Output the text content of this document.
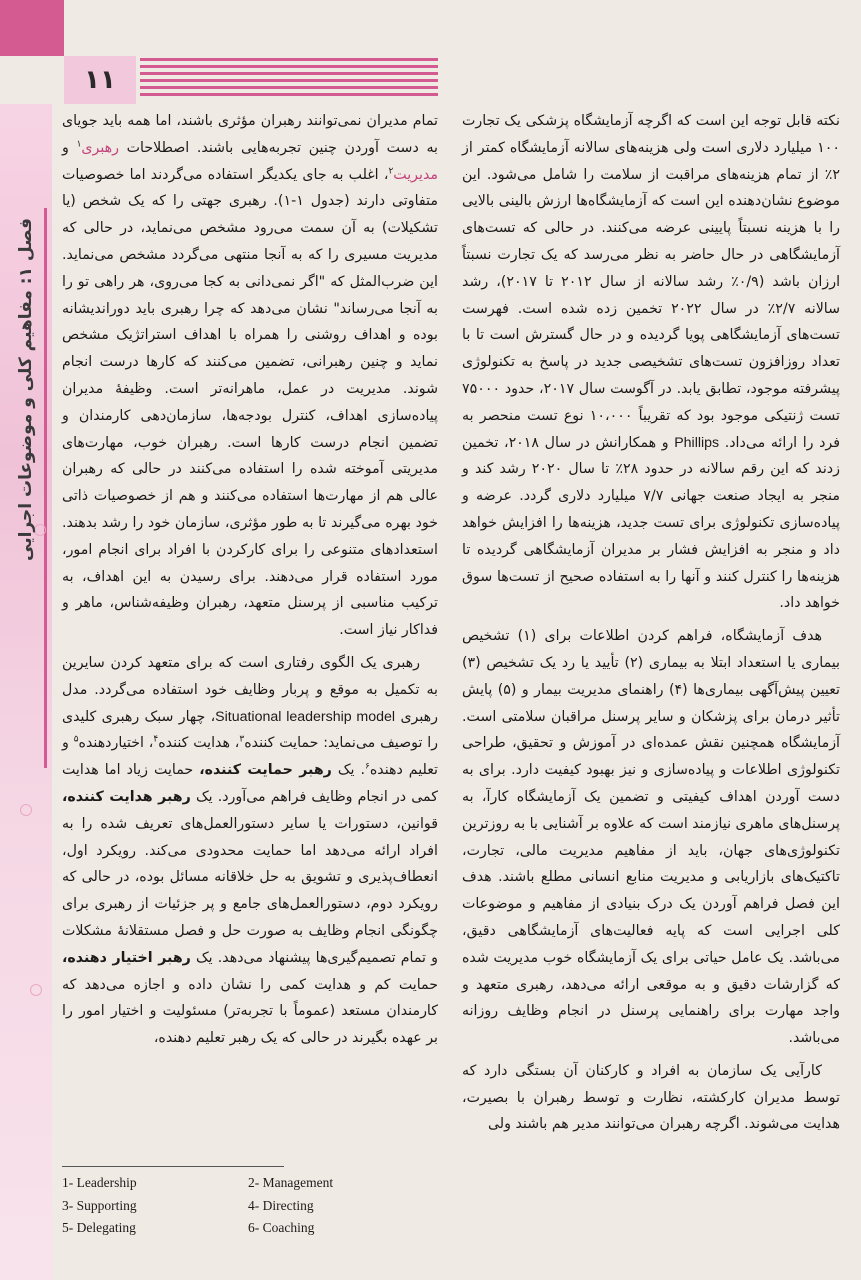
۱۱
فصل ۱: مفاهیم کلی و موضوعات اجرایی

نکته قابل توجه این است که اگرچه آزمایشگاه پزشکی یک تجارت ۱۰۰ میلیارد دلاری است ولی هزینه‌های سالانه آزمایشگاه کمتر از ۲٪ از تمام هزینه‌های مراقبت از سلامت را شامل می‌شود. این موضوع نشان‌دهنده این است که آزمایشگاه‌ها ارزش بالینی بالایی را با هزینه نسبتاً پایینی عرضه می‌کنند. در حالی که تست‌های آزمایشگاهی در حال حاضر به نظر می‌رسد که یک تجارت نسبتاً ارزان باشد (۰/۹٪ رشد سالانه از سال ۲۰۱۲ تا ۲۰۱۷)، رشد سالانه ۲/۷٪ در سال ۲۰۲۲ تخمین زده شده است. فهرست تست‌های آزمایشگاهی پویا گردیده و در حال گسترش است تا با تعداد روزافزون تست‌های تشخیصی جدید در پاسخ به تکنولوژی پیشرفته موجود، تطابق یابد. در آگوست سال ۲۰۱۷، حدود ۷۵۰۰۰ تست ژنتیکی موجود بود که تقریباً ۱۰،۰۰۰ نوع تست منحصر به فرد را ارائه می‌داد. Phillips و همکارانش در سال ۲۰۱۸، تخمین زدند که این رقم سالانه در حدود ۲۸٪ تا سال ۲۰۲۰ رشد کند و منجر به ایجاد صنعت جهانی ۷/۷ میلیارد دلاری گردد. عرضه و پیاده‌سازی تکنولوژی برای تست جدید، هزینه‌ها را افزایش خواهد داد و منجر به افزایش فشار بر مدیران آزمایشگاهی گردیده تا هزینه‌ها را کنترل کنند و آنها را به استفاده صحیح از تست‌ها سوق خواهد داد.

هدف آزمایشگاه، فراهم کردن اطلاعات برای (۱) تشخیص بیماری یا استعداد ابتلا به بیماری (۲) تأیید یا رد یک تشخیص (۳) تعیین پیش‌آگهی بیماری‌ها (۴) راهنمای مدیریت بیمار و (۵) پایش تأثیر درمان برای پزشکان و سایر پرسنل مراقبان سلامتی است. آزمایشگاه همچنین نقش عمده‌ای در آموزش و تحقیق، طراحی تکنولوژی اطلاعات و پیاده‌سازی و نیز بهبود کیفیت دارد. برای به دست آوردن اهداف کیفیتی و تضمین یک آزمایشگاه کارآ، به پرسنل‌های ماهری نیازمند است که علاوه بر آشنایی با به روزترین تکنولوژی‌های جهان، باید از مفاهیم مدیریت مالی، تجارت، تاکتیک‌های بازاریابی و مدیریت منابع انسانی مطلع باشند. هدف این فصل فراهم آوردن یک درک بنیادی از مفاهیم و موضوعات کلی اجرایی است که پایه فعالیت‌های آزمایشگاهی دقیق، می‌باشد. یک عامل حیاتی برای یک آزمایشگاه خوب مدیریت شده که گزارشات دقیق و به موقعی ارائه می‌دهد، رهبری متعهد و واجد مهارت برای راهنمایی پرسنل در انجام وظایف روزانه می‌باشد.

کارآیی یک سازمان به افراد و کارکنان آن بستگی دارد که توسط مدیران کارکشته، نظارت و توسط رهبران با بصیرت، هدایت می‌شوند. اگرچه رهبران می‌توانند مدیر هم باشند ولی

تمام مدیران نمی‌توانند رهبران مؤثری باشند، اما همه باید جویای به دست آوردن چنین تجربه‌هایی باشند. اصطلاحات رهبری$^۱$ و مدیریت$^۲$، اغلب به جای یکدیگر استفاده می‌گردند اما خصوصیات متفاوتی دارند (جدول ۱-۱). رهبری جهتی را که یک شخص (یا تشکیلات) به آن سمت می‌رود مشخص می‌نماید، در حالی که مدیریت مسیری را که به آنجا منتهی می‌گردد مشخص می‌نماید. این ضرب‌المثل که "اگر نمی‌دانی به کجا می‌روی، هر راهی تو را به آنجا می‌رساند" نشان می‌دهد که چرا رهبری باید دوراندیشانه بوده و اهداف روشنی را همراه با اهداف استراتژیک مشخص نماید و چنین رهبرانی، تضمین می‌کنند که کارها درست انجام شوند. مدیریت در عمل، ماهرانه‌تر است. وظیفهٔ مدیران پیاده‌سازی اهداف، کنترل بودجه‌ها، سازمان‌دهی کارمندان و تضمین انجام درست کارها است. رهبران خوب، مهارت‌های مدیریتی آموخته شده را استفاده می‌کنند در حالی که رهبران عالی هم از مهارت‌ها استفاده می‌کنند و هم از خصوصیات ذاتی خود بهره می‌گیرند تا به طور مؤثری، سازمان خود را رشد بدهند. استعدادهای متنوعی را برای کارکردن با افراد برای انجام امور، مورد استفاده قرار می‌دهند. برای رسیدن به این اهداف، به ترکیب مناسبی از پرسنل متعهد، رهبران وظیفه‌شناس، ماهر و فداکار نیاز است.

رهبری یک الگوی رفتاری است که برای متعهد کردن سایرین به تکمیل به موقع و پربار وظایف خود استفاده می‌گردد. مدل رهبری Situational leadership model، چهار سبک رهبری کلیدی را توصیف می‌نماید: حمایت کننده$^۳$، هدایت کننده$^۴$، اختیاردهنده$^۵$ و تعلیم دهنده$^۶$. یک رهبر حمایت کننده، حمایت زیاد اما هدایت کمی در انجام وظایف فراهم می‌آورد. یک رهبر هدایت کننده، قوانین، دستورات یا سایر دستورالعمل‌های تعریف شده را به افراد ارائه می‌دهد اما حمایت محدودی می‌کند. رویکرد اول، انعطاف‌پذیری و تشویق به حل خلاقانه مسائل بوده، در حالی که رویکرد دوم، دستورالعمل‌های جامع و پر جزئیات از رهبری برای چگونگی انجام وظایف به صورت حل و فصل مستقلانهٔ مشکلات و تمام تصمیم‌گیری‌ها پیشنهاد می‌دهد. یک رهبر اختیار دهنده، حمایت کم و هدایت کمی را نشان داده و اجازه می‌دهد که کارمندان مستعد (عموماً با تجربه‌تر) مسئولیت و اختیار امور را بر عهده بگیرند در حالی که یک رهبر تعلیم دهنده،

1- Leadership	2- Management
3- Supporting	4- Directing
5- Delegating	6- Coaching
